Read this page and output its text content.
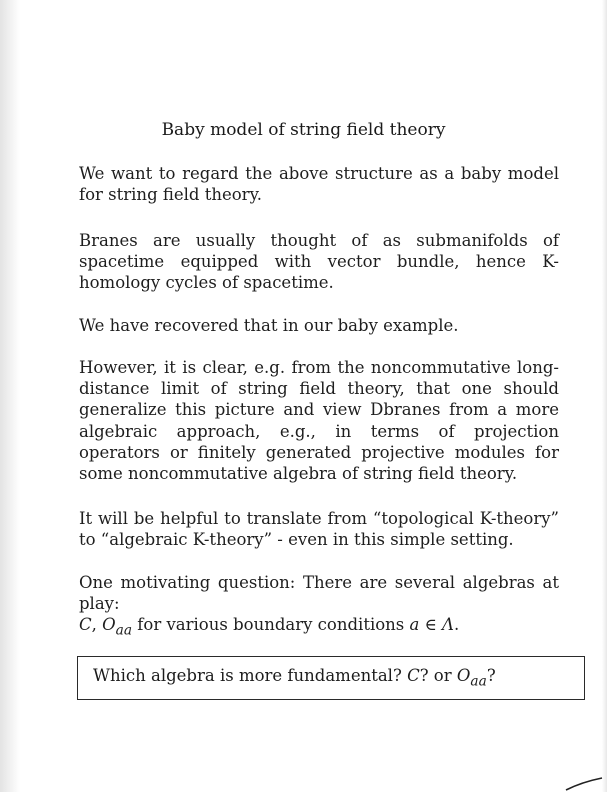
Baby model of string field theory
We want to regard the above structure as a baby model for string field theory.
Branes are usually thought of as submanifolds of spacetime equipped with vector bundle, hence K-homology cycles of spacetime.
We have recovered that in our baby example.
However, it is clear, e.g. from the noncommutative long-distance limit of string field theory, that one should generalize this picture and view Dbranes from a more algebraic approach, e.g., in terms of projection operators or finitely generated projective modules for some noncommutative algebra of string field theory.
It will be helpful to translate from “topological K-theory” to “algebraic K-theory” - even in this simple setting.
One motivating question: There are several algebras at play:
C, $O_{aa}$ for various boundary conditions a ∈ Λ.
Which algebra is more fundamental? C? or $O_{aa}$?
